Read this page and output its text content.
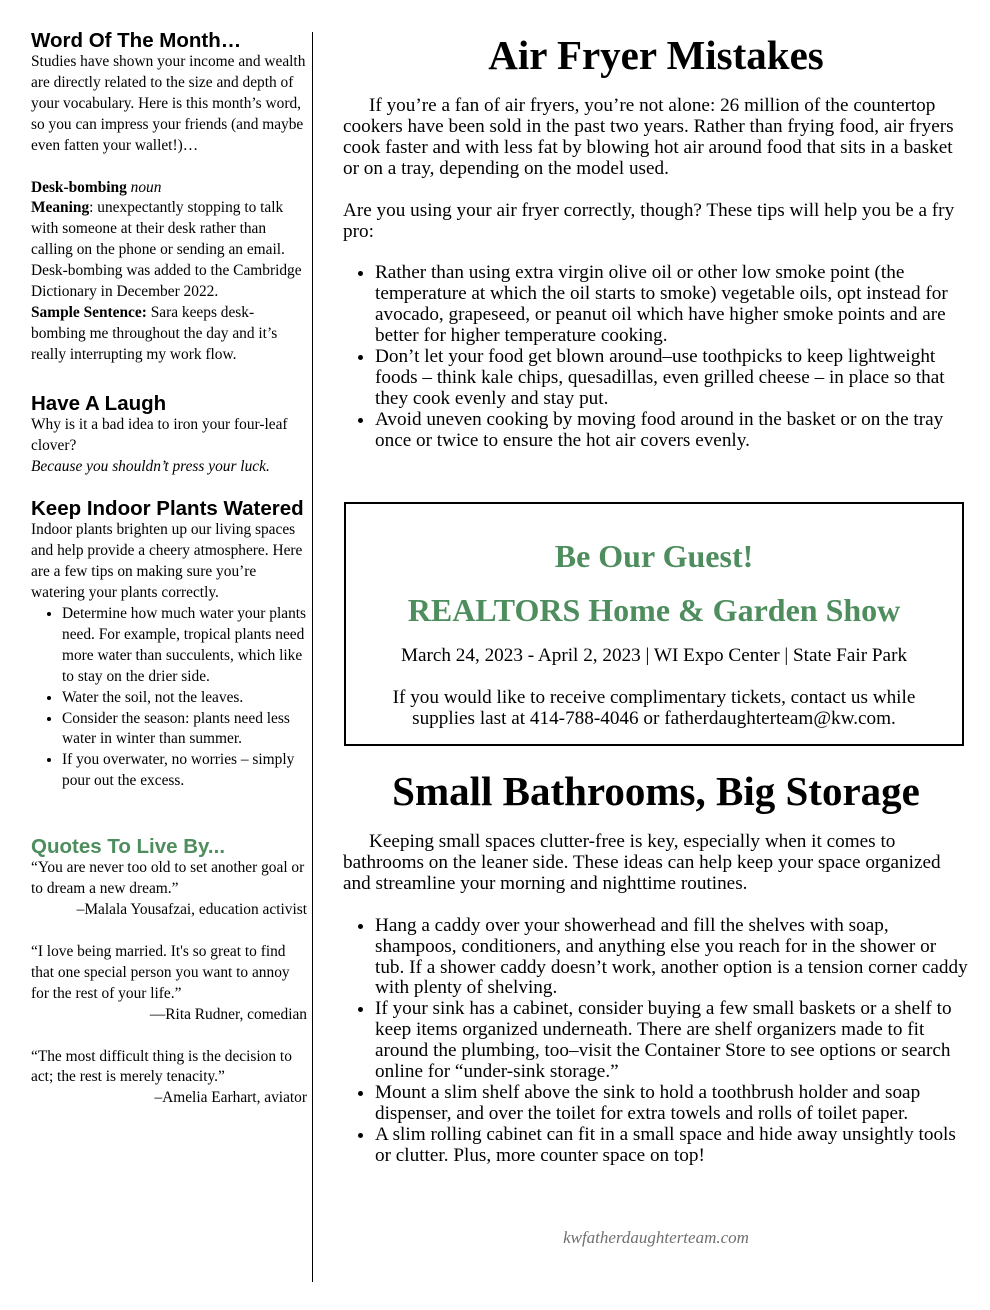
Word Of The Month…

Studies have shown your income and wealth are directly related to the size and depth of your vocabulary. Here is this month’s word, so you can impress your friends (and maybe even fatten your wallet!)…

Desk-bombing noun

Meaning: unexpectantly stopping to talk with someone at their desk rather than calling on the phone or sending an email. Desk-bombing was added to the Cambridge Dictionary in December 2022.

Sample Sentence: Sara keeps desk-bombing me throughout the day and it’s really interrupting my work flow.

Have A Laugh

Why is it a bad idea to iron your four-leaf clover?

Because you shouldn’t press your luck.

Keep Indoor Plants Watered

Indoor plants brighten up our living spaces and help provide a cheery atmosphere. Here are a few tips on making sure you’re watering your plants correctly.

• Determine how much water your plants need. For example, tropical plants need more water than succulents, which like to stay on the drier side.
• Water the soil, not the leaves.
• Consider the season: plants need less water in winter than summer.
• If you overwater, no worries – simply pour out the excess.
Quotes To Live By...

“You are never too old to set another goal or to dream a new dream.”

–Malala Yousafzai, education activist

“I love being married. It's so great to find that one special person you want to annoy for the rest of your life.”

—Rita Rudner, comedian

“The most difficult thing is the decision to act; the rest is merely tenacity.”

–Amelia Earhart, aviator

Air Fryer Mistakes

If you’re a fan of air fryers, you’re not alone: 26 million of the countertop cookers have been sold in the past two years. Rather than frying food, air fryers cook faster and with less fat by blowing hot air around food that sits in a basket or on a tray, depending on the model used.

Are you using your air fryer correctly, though? These tips will help you be a fry pro:

• Rather than using extra virgin olive oil or other low smoke point (the temperature at which the oil starts to smoke) vegetable oils, opt instead for avocado, grapeseed, or peanut oil which have higher smoke points and are better for higher temperature cooking.
• Don’t let your food get blown around–use toothpicks to keep lightweight foods – think kale chips, quesadillas, even grilled cheese – in place so that they cook evenly and stay put.
• Avoid uneven cooking by moving food around in the basket or on the tray once or twice to ensure the hot air covers evenly.

Be Our Guest!

REALTORS Home & Garden Show

March 24, 2023 - April 2, 2023 | WI Expo Center | State Fair Park

If you would like to receive complimentary tickets, contact us while supplies last at 414-788-4046 or fatherdaughterteam@kw.com.

Small Bathrooms, Big Storage

Keeping small spaces clutter-free is key, especially when it comes to bathrooms on the leaner side. These ideas can help keep your space organized and streamline your morning and nighttime routines.

• Hang a caddy over your showerhead and fill the shelves with soap, shampoos, conditioners, and anything else you reach for in the shower or tub. If a shower caddy doesn’t work, another option is a tension corner caddy with plenty of shelving.
• If your sink has a cabinet, consider buying a few small baskets or a shelf to keep items organized underneath. There are shelf organizers made to fit around the plumbing, too–visit the Container Store to see options or search online for “under-sink storage.”
• Mount a slim shelf above the sink to hold a toothbrush holder and soap dispenser, and over the toilet for extra towels and rolls of toilet paper.
• A slim rolling cabinet can fit in a small space and hide away unsightly tools or clutter. Plus, more counter space on top!
kwfatherdaughterteam.com
